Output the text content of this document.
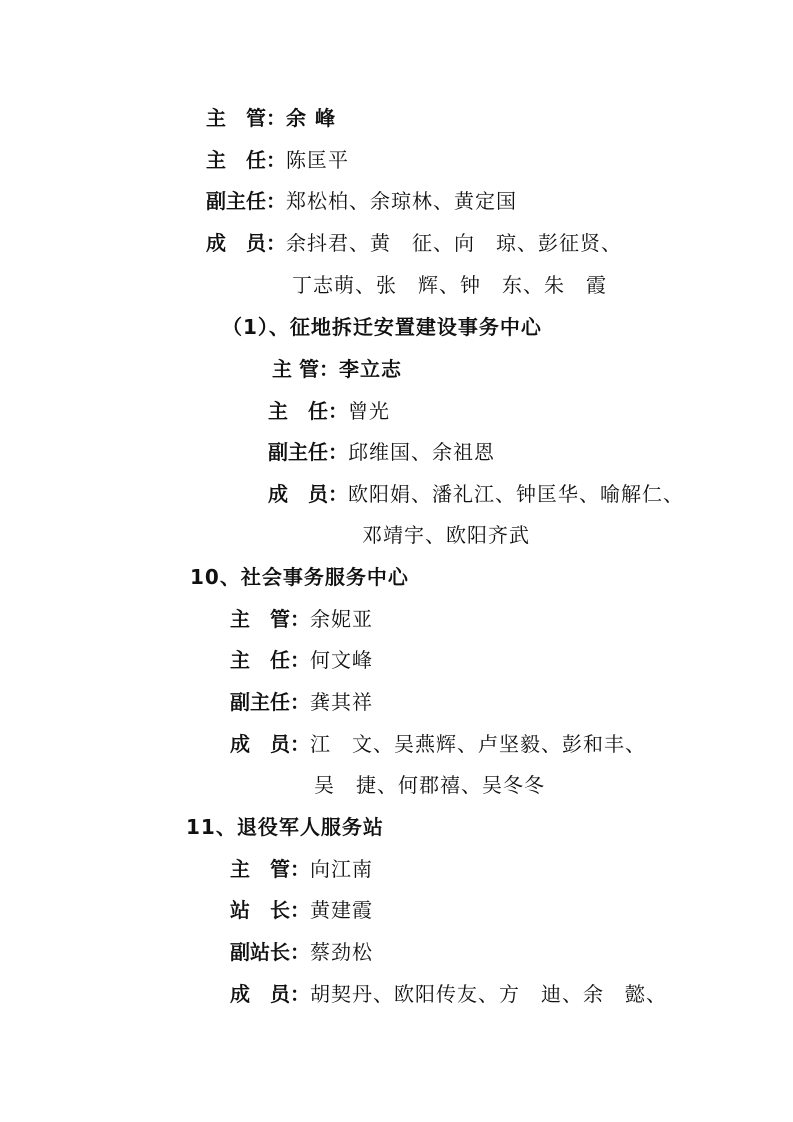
主　管：余 峰
主　任：陈匡平
副主任：郑松柏、余琼林、黄定国
成　员：余抖君、黄　征、向　琼、彭征贤、
丁志萌、张　辉、钟　东、朱　霞
（1）、征地拆迁安置建设事务中心
主 管：李立志
主　任：曾光
副主任：邱维国、余祖恩
成　员：欧阳娟、潘礼江、钟匡华、喻解仁、
邓靖宇、欧阳齐武
10、社会事务服务中心
主　管：余妮亚
主　任：何文峰
副主任：龚其祥
成　员：江　文、吴燕辉、卢坚毅、彭和丰、
吴　捷、何郡禧、吴冬冬
11、退役军人服务站
主　管：向江南
站　长：黄建霞
副站长：蔡劲松
成　员：胡契丹、欧阳传友、方　迪、余　懿、
